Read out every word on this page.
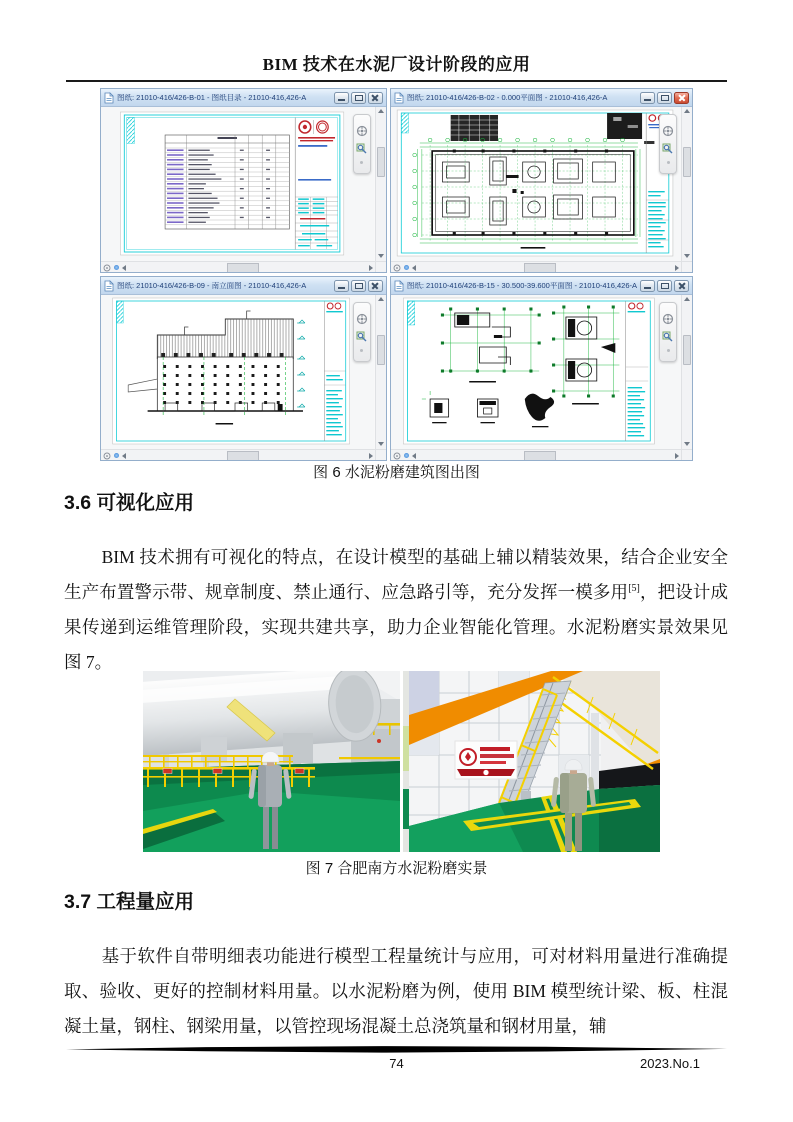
BIM 技术在水泥厂设计阶段的应用
图纸: 21010-416/426-B-01 - 图纸目录 - 21010-416,426-A	图纸: 21010-416/426-B-02 - 0.000平面图 - 21010-416,426-A
图纸: 21010-416/426-B-09 - 南立面图 - 21010-416,426-A	图纸: 21010-416/426-B-15 - 30.500-39.600平面图 - 21010-416,426-A
图 6 水泥粉磨建筑图出图
3.6 可视化应用

BIM 技术拥有可视化的特点，在设计模型的基础上辅以精装效果，结合企业安全生产布置警示带、规章制度、禁止通行、应急路引等，充分发挥一模多用[5]，把设计成果传递到运维管理阶段，实现共建共享，助力企业智能化管理。水泥粉磨实景效果见图 7。

图 7 合肥南方水泥粉磨实景
3.7 工程量应用

基于软件自带明细表功能进行模型工程量统计与应用，可对材料用量进行准确提取、验收、更好的控制材料用量。以水泥粉磨为例，使用 BIM 模型统计梁、板、柱混凝土量，钢柱、钢梁用量，以管控现场混凝土总浇筑量和钢材用量，辅

74	2023.No.1
